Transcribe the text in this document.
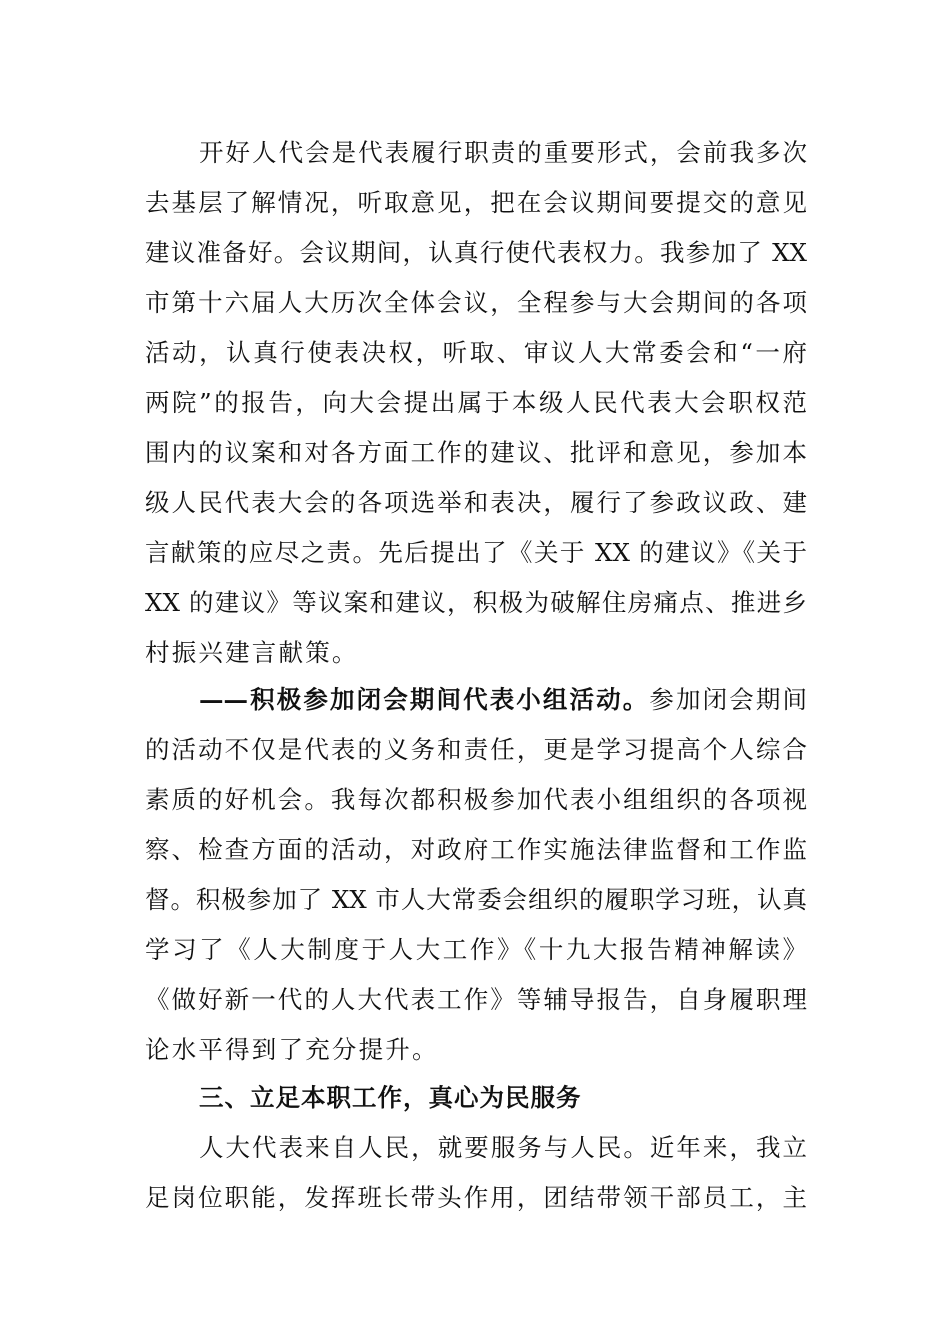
开好人代会是代表履行职责的重要形式，会前我多次
去基层了解情况，听取意见，把在会议期间要提交的意见
建议准备好。会议期间，认真行使代表权力。我参加了 XX
市第十六届人大历次全体会议，全程参与大会期间的各项
活动，认真行使表决权，听取、审议人大常委会和“一府
两院”的报告，向大会提出属于本级人民代表大会职权范
围内的议案和对各方面工作的建议、批评和意见，参加本
级人民代表大会的各项选举和表决，履行了参政议政、建
言献策的应尽之责。先后提出了《关于 XX 的建议》《关于
XX 的建议》等议案和建议，积极为破解住房痛点、推进乡
村振兴建言献策。
——积极参加闭会期间代表小组活动。参加闭会期间
的活动不仅是代表的义务和责任，更是学习提高个人综合
素质的好机会。我每次都积极参加代表小组组织的各项视
察、检查方面的活动，对政府工作实施法律监督和工作监
督。积极参加了 XX 市人大常委会组织的履职学习班，认真
学习了《人大制度于人大工作》《十九大报告精神解读》
《做好新一代的人大代表工作》等辅导报告，自身履职理
论水平得到了充分提升。
三、立足本职工作，真心为民服务
人大代表来自人民，就要服务与人民。近年来，我立
足岗位职能，发挥班长带头作用，团结带领干部员工，主
